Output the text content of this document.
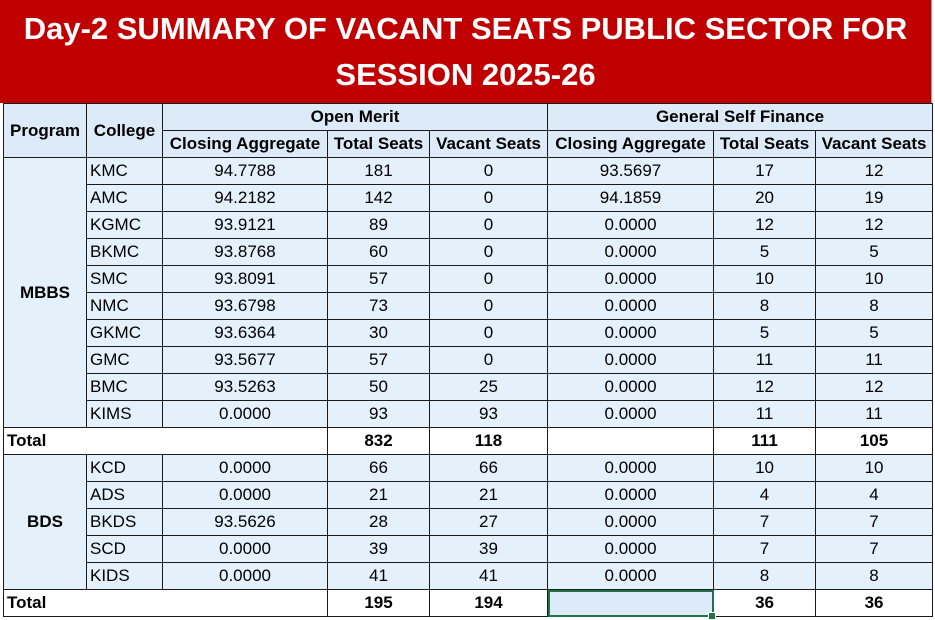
Day-2 SUMMARY OF VACANT SEATS PUBLIC SECTOR FOR
SESSION 2025-26
Program	College	Open Merit			General Self Finance		
		Closing Aggregate	Total Seats	Vacant Seats	Closing Aggregate	Total Seats	Vacant Seats
MBBS	KMC	94.7788	181	0	93.5697	17	12
	AMC	94.2182	142	0	94.1859	20	19
	KGMC	93.9121	89	0	0.0000	12	12
	BKMC	93.8768	60	0	0.0000	5	5
	SMC	93.8091	57	0	0.0000	10	10
	NMC	93.6798	73	0	0.0000	8	8
	GKMC	93.6364	30	0	0.0000	5	5
	GMC	93.5677	57	0	0.0000	11	11
	BMC	93.5263	50	25	0.0000	12	12
	KIMS	0.0000	93	93	0.0000	11	11
Total			832	118		111	105
BDS	KCD	0.0000	66	66	0.0000	10	10
	ADS	0.0000	21	21	0.0000	4	4
	BKDS	93.5626	28	27	0.0000	7	7
	SCD	0.0000	39	39	0.0000	7	7
	KIDS	0.0000	41	41	0.0000	8	8
Total			195	194		36	36
